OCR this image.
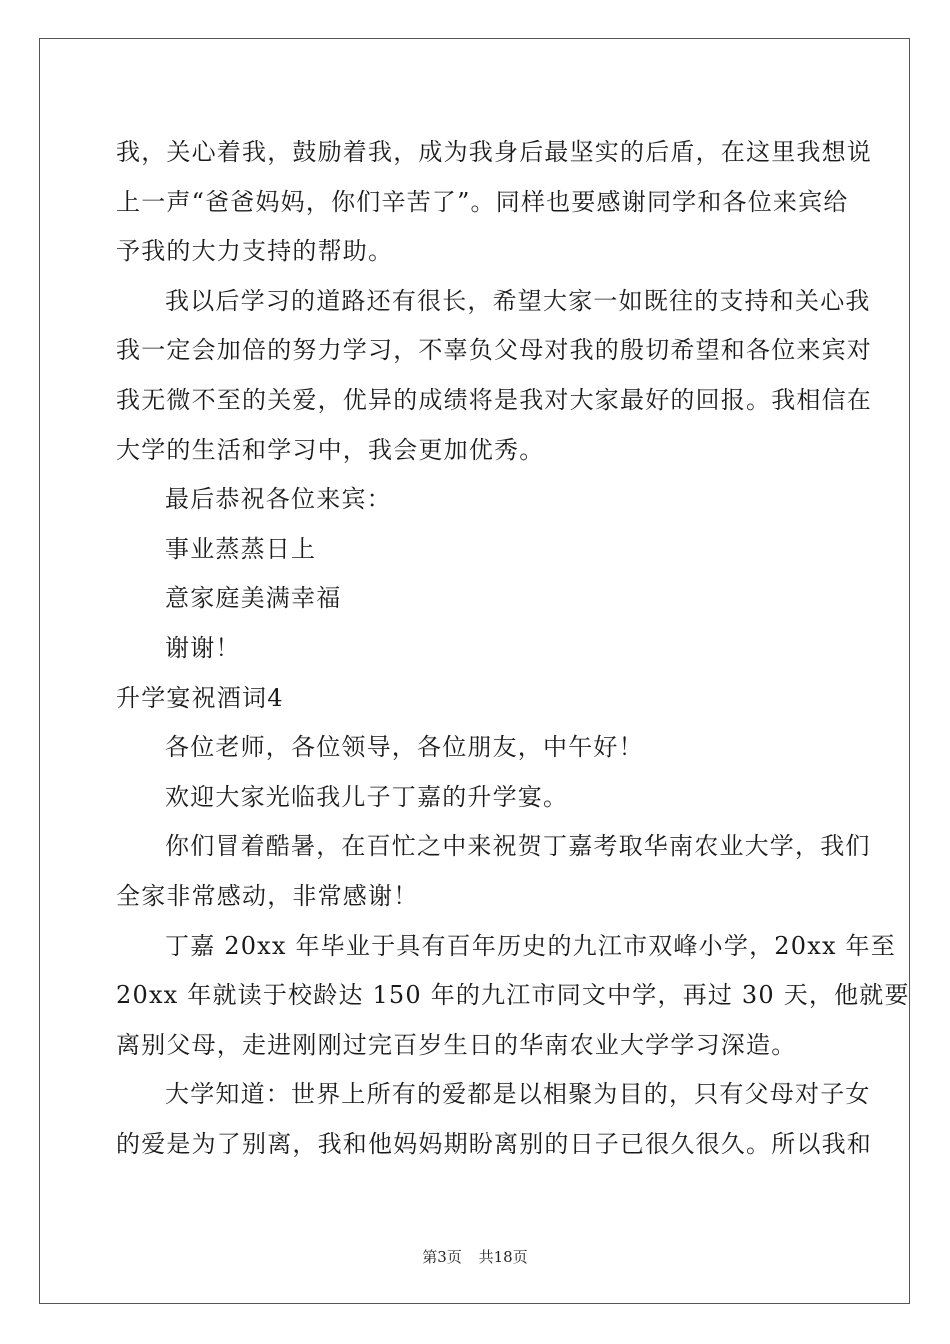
我，关心着我，鼓励着我，成为我身后最坚实的后盾，在这里我想说
上一声“爸爸妈妈，你们辛苦了”。同样也要感谢同学和各位来宾给
予我的大力支持的帮助。
我以后学习的道路还有很长，希望大家一如既往的支持和关心我
我一定会加倍的努力学习，不辜负父母对我的殷切希望和各位来宾对
我无微不至的关爱，优异的成绩将是我对大家最好的回报。我相信在
大学的生活和学习中，我会更加优秀。
最后恭祝各位来宾：
事业蒸蒸日上
意家庭美满幸福
谢谢！

升学宴祝酒词4

各位老师，各位领导，各位朋友，中午好！
欢迎大家光临我儿子丁嘉的升学宴。
你们冒着酷暑，在百忙之中来祝贺丁嘉考取华南农业大学，我们
全家非常感动，非常感谢！
丁嘉 20xx 年毕业于具有百年历史的九江市双峰小学，20xx 年至
20xx 年就读于校龄达 150 年的九江市同文中学，再过 30 天，他就要
离别父母，走进刚刚过完百岁生日的华南农业大学学习深造。
大学知道：世界上所有的爱都是以相聚为目的，只有父母对子女
的爱是为了别离，我和他妈妈期盼离别的日子已很久很久。所以我和
第3页 共18页
